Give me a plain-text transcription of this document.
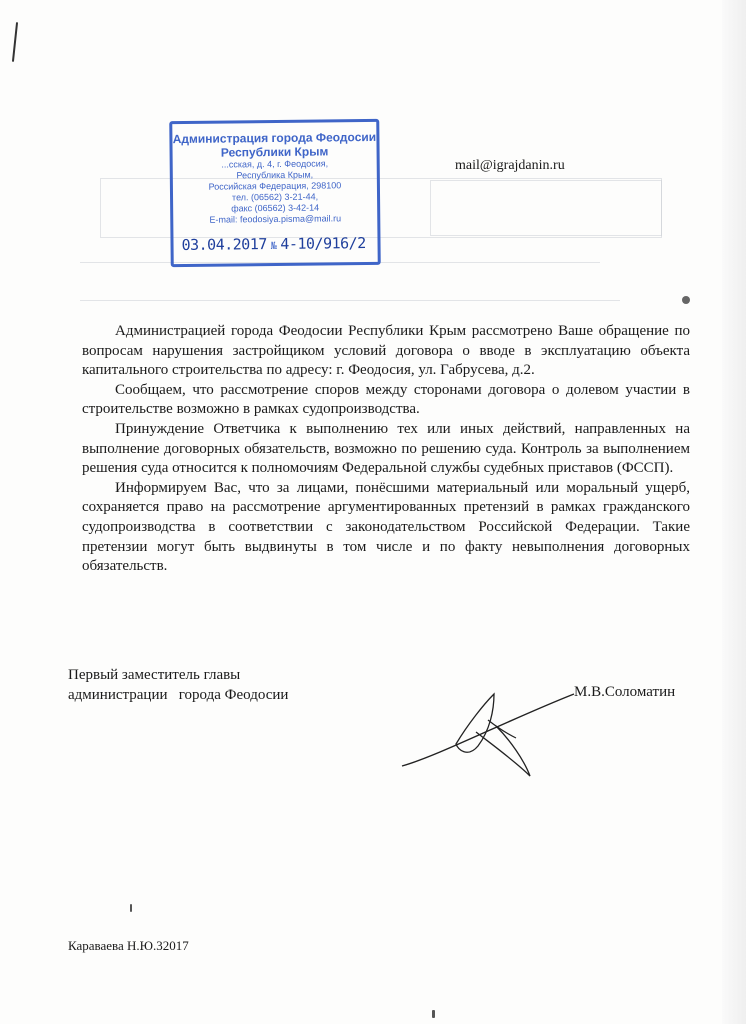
Администрация города Феодосии
Республики Крым
...сская, д. 4, г. Феодосия,
Республика Крым,
Российская Федерация, 298100
тел. (06562) 3-21-44,
факс (06562) 3-42-14
E-mail: feodosiya.pisma@mail.ru
03.04.2017 № 4-10/916/2
mail@igrajdanin.ru

Администрацией города Феодосии Республики Крым рассмотрено Ваше обращение по вопросам нарушения застройщиком условий договора о вводе в эксплуатацию объекта капитального строительства по адресу: г. Феодосия, ул. Габрусева, д.2.

Сообщаем, что рассмотрение споров между сторонами договора о долевом участии в строительстве возможно в рамках судопроизводства.

Принуждение Ответчика к выполнению тех или иных действий, направленных на выполнение договорных обязательств, возможно по решению суда. Контроль за выполнением решения суда относится к полномочиям Федеральной службы судебных приставов (ФССП).

Информируем Вас, что за лицами, понёсшими материальный или моральный ущерб, сохраняется право на рассмотрение аргументированных претензий в рамках гражданского судопроизводства в соответствии с законодательством Российской Федерации. Такие претензии могут быть выдвинуты в том числе и по факту невыполнения договорных обязательств.

Первый заместитель главы
администрации   города Феодосии	М.В.Соломатин
Караваева Н.Ю.32017
